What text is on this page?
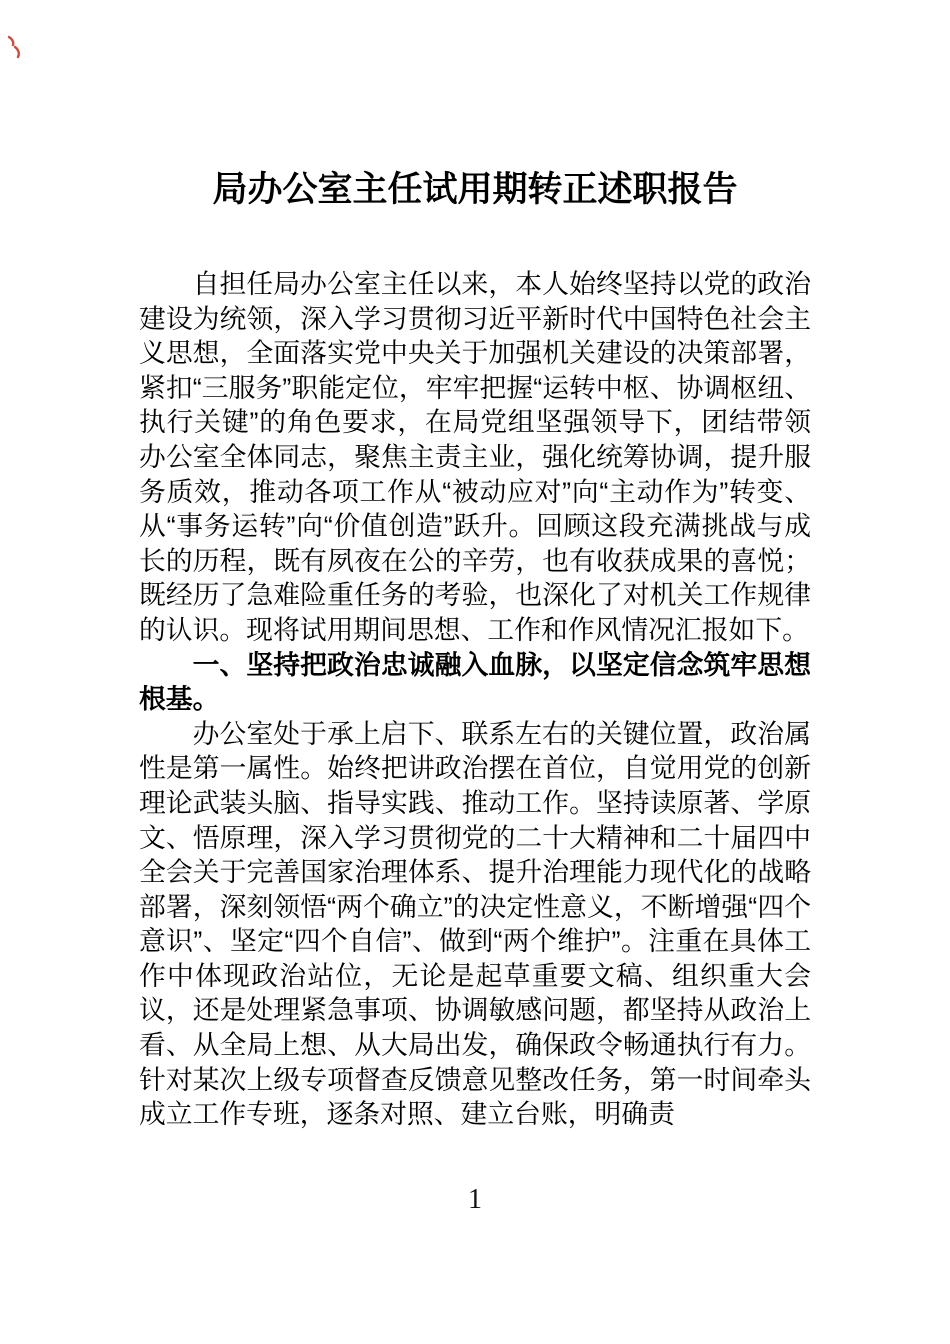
局办公室主任试用期转正述职报告

自担任局办公室主任以来，本人始终坚持以党的政治建设为统领，深入学习贯彻习近平新时代中国特色社会主义思想，全面落实党中央关于加强机关建设的决策部署，紧扣“三服务”职能定位，牢牢把握“运转中枢、协调枢纽、执行关键”的角色要求，在局党组坚强领导下，团结带领办公室全体同志，聚焦主责主业，强化统筹协调，提升服务质效，推动各项工作从“被动应对”向“主动作为”转变、从“事务运转”向“价值创造”跃升。回顾这段充满挑战与成长的历程，既有夙夜在公的辛劳，也有收获成果的喜悦；既经历了急难险重任务的考验，也深化了对机关工作规律的认识。现将试用期间思想、工作和作风情况汇报如下。

一、坚持把政治忠诚融入血脉，以坚定信念筑牢思想根基。

办公室处于承上启下、联系左右的关键位置，政治属性是第一属性。始终把讲政治摆在首位，自觉用党的创新理论武装头脑、指导实践、推动工作。坚持读原著、学原文、悟原理，深入学习贯彻党的二十大精神和二十届四中全会关于完善国家治理体系、提升治理能力现代化的战略部署，深刻领悟“两个确立”的决定性意义，不断增强“四个意识”、坚定“四个自信”、做到“两个维护”。注重在具体工作中体现政治站位，无论是起草重要文稿、组织重大会议，还是处理紧急事项、协调敏感问题，都坚持从政治上看、从全局上想、从大局出发，确保政令畅通执行有力。针对某次上级专项督查反馈意见整改任务，第一时间牵头成立工作专班，逐条对照、建立台账，明确责

1
